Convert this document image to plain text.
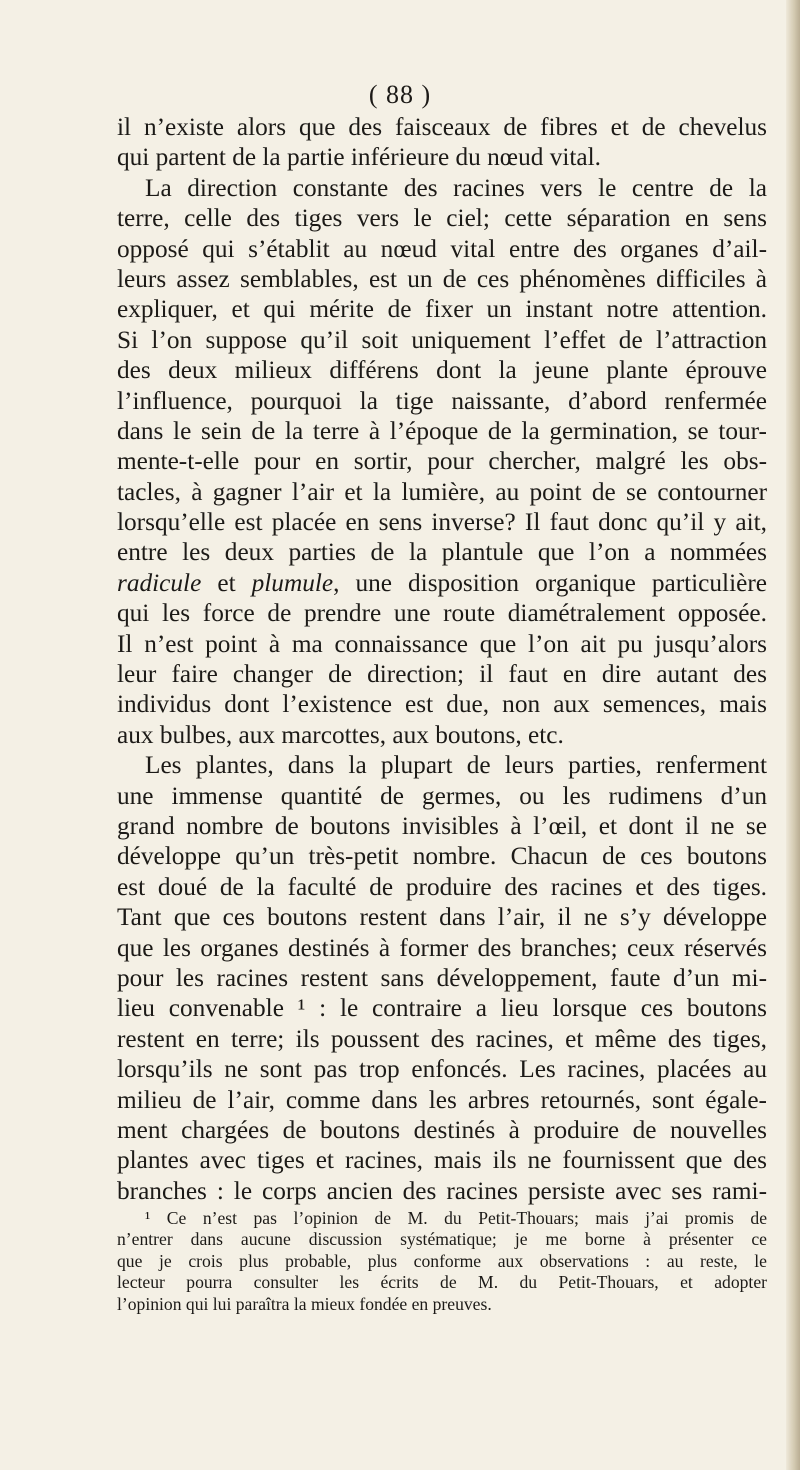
( 88 )
il n’existe alors que des faisceaux de fibres et de chevelus
qui partent de la partie inférieure du nœud vital.
La direction constante des racines vers le centre de la
terre, celle des tiges vers le ciel; cette séparation en sens
opposé qui s’établit au nœud vital entre des organes d’ail-
leurs assez semblables, est un de ces phénomènes difficiles à
expliquer, et qui mérite de fixer un instant notre attention.
Si l’on suppose qu’il soit uniquement l’effet de l’attraction
des deux milieux différens dont la jeune plante éprouve
l’influence, pourquoi la tige naissante, d’abord renfermée
dans le sein de la terre à l’époque de la germination, se tour-
mente-t-elle pour en sortir, pour chercher, malgré les obs-
tacles, à gagner l’air et la lumière, au point de se contourner
lorsqu’elle est placée en sens inverse? Il faut donc qu’il y ait,
entre les deux parties de la plantule que l’on a nommées
radicule et plumule, une disposition organique particulière
qui les force de prendre une route diamétralement opposée.
Il n’est point à ma connaissance que l’on ait pu jusqu’alors
leur faire changer de direction; il faut en dire autant des
individus dont l’existence est due, non aux semences, mais
aux bulbes, aux marcottes, aux boutons, etc.
Les plantes, dans la plupart de leurs parties, renferment
une immense quantité de germes, ou les rudimens d’un
grand nombre de boutons invisibles à l’œil, et dont il ne se
développe qu’un très-petit nombre. Chacun de ces boutons
est doué de la faculté de produire des racines et des tiges.
Tant que ces boutons restent dans l’air, il ne s’y développe
que les organes destinés à former des branches; ceux réservés
pour les racines restent sans développement, faute d’un mi-
lieu convenable ¹ : le contraire a lieu lorsque ces boutons
restent en terre; ils poussent des racines, et même des tiges,
lorsqu’ils ne sont pas trop enfoncés. Les racines, placées au
milieu de l’air, comme dans les arbres retournés, sont égale-
ment chargées de boutons destinés à produire de nouvelles
plantes avec tiges et racines, mais ils ne fournissent que des
branches : le corps ancien des racines persiste avec ses rami-
¹ Ce n’est pas l’opinion de M. du Petit-Thouars; mais j’ai promis de
n’entrer dans aucune discussion systématique; je me borne à présenter ce
que je crois plus probable, plus conforme aux observations : au reste, le
lecteur pourra consulter les écrits de M. du Petit-Thouars, et adopter
l’opinion qui lui paraîtra la mieux fondée en preuves.
